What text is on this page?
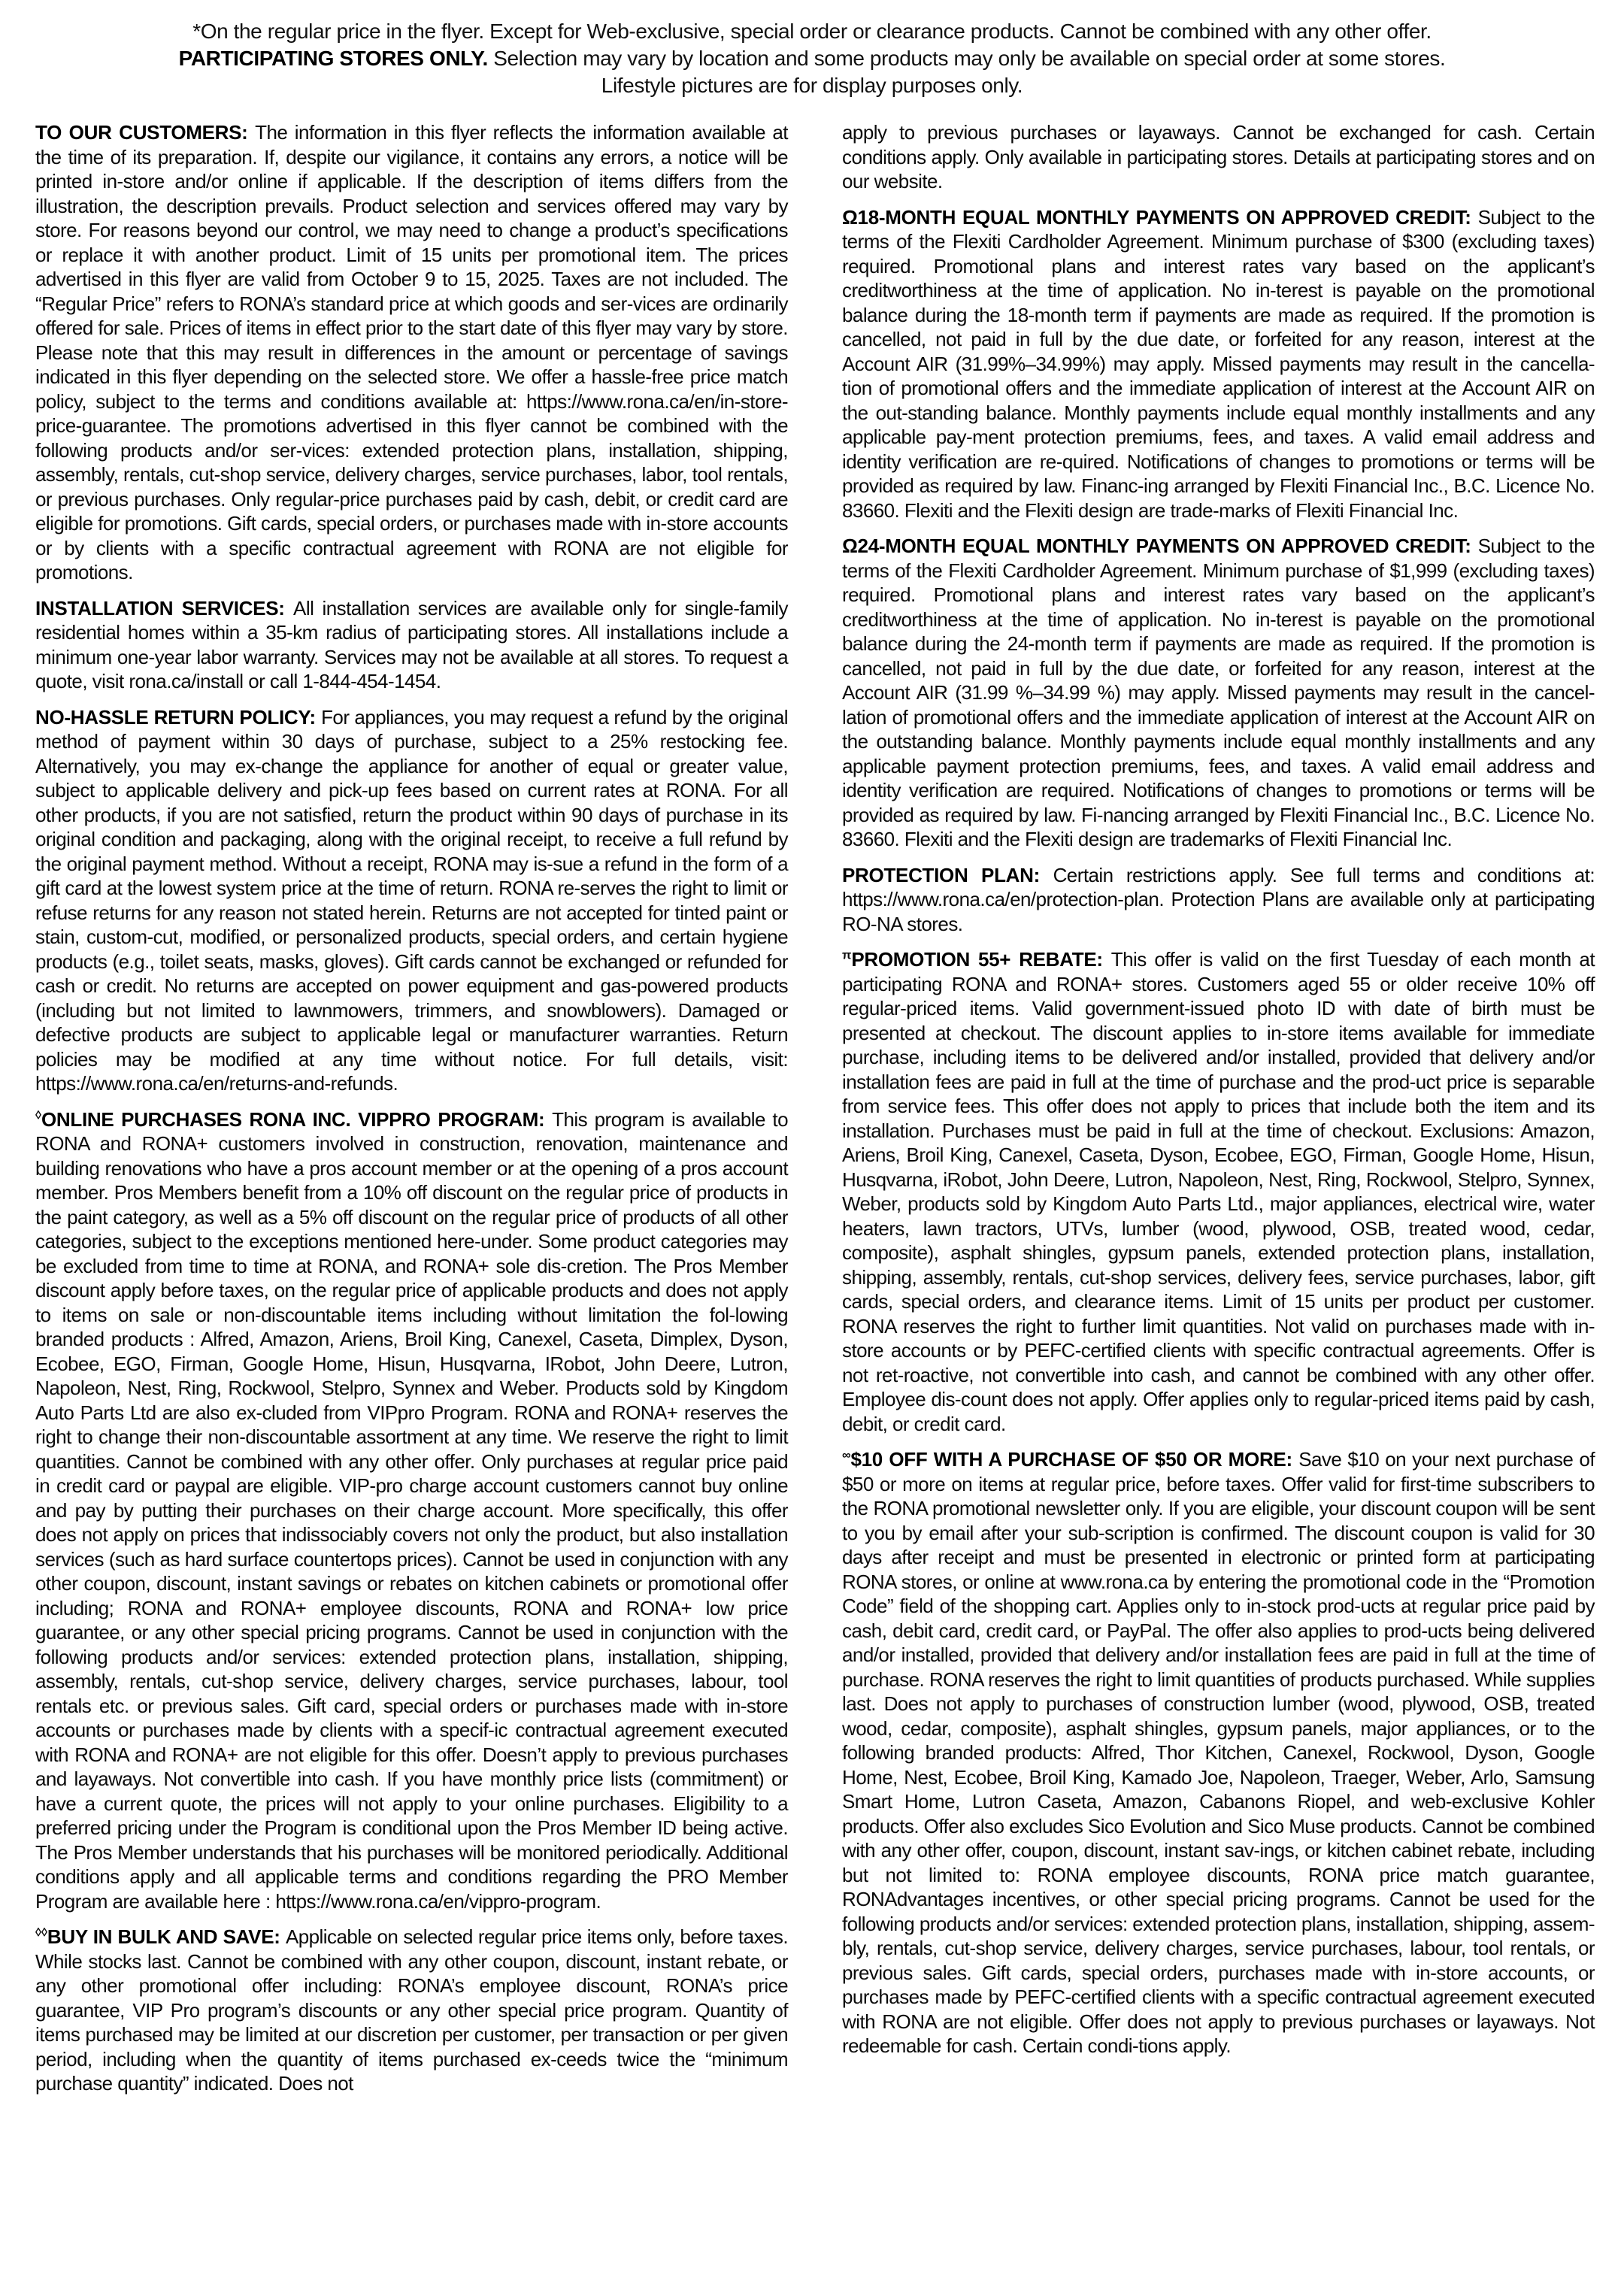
*On the regular price in the flyer. Except for Web-exclusive, special order or clearance products. Cannot be combined with any other offer.
PARTICIPATING STORES ONLY. Selection may vary by location and some products may only be available on special order at some stores.
Lifestyle pictures are for display purposes only.

TO OUR CUSTOMERS: The information in this flyer reflects the information available at the time of its preparation. If, despite our vigilance, it contains any errors, a notice will be printed in-store and/or online if applicable. If the description of items differs from the illustration, the description prevails. Product selection and services offered may vary by store. For reasons beyond our control, we may need to change a product’s specifications or replace it with another product. Limit of 15 units per promotional item. The prices advertised in this flyer are valid from October 9 to 15, 2025. Taxes are not included. The “Regular Price” refers to RONA’s standard price at which goods and ser-vices are ordinarily offered for sale. Prices of items in effect prior to the start date of this flyer may vary by store. Please note that this may result in differences in the amount or percentage of savings indicated in this flyer depending on the selected store. We offer a hassle-free price match policy, subject to the terms and conditions available at: https://www.rona.ca/en/in-store-price-guarantee. The promotions advertised in this flyer cannot be combined with the following products and/or ser-vices: extended protection plans, installation, shipping, assembly, rentals, cut-shop service, delivery charges, service purchases, labor, tool rentals, or previous purchases. Only regular-price purchases paid by cash, debit, or credit card are eligible for promotions. Gift cards, special orders, or purchases made with in-store accounts or by clients with a specific contractual agreement with RONA are not eligible for promotions.

INSTALLATION SERVICES: All installation services are available only for single-family residential homes within a 35-km radius of participating stores. All installations include a minimum one-year labor warranty. Services may not be available at all stores. To request a quote, visit rona.ca/install or call 1-844-454-1454.

NO-HASSLE RETURN POLICY: For appliances, you may request a refund by the original method of payment within 30 days of purchase, subject to a 25% restocking fee. Alternatively, you may ex-change the appliance for another of equal or greater value, subject to applicable delivery and pick-up fees based on current rates at RONA. For all other products, if you are not satisfied, return the product within 90 days of purchase in its original condition and packaging, along with the original receipt, to receive a full refund by the original payment method. Without a receipt, RONA may is-sue a refund in the form of a gift card at the lowest system price at the time of return. RONA re-serves the right to limit or refuse returns for any reason not stated herein. Returns are not accepted for tinted paint or stain, custom-cut, modified, or personalized products, special orders, and certain hygiene products (e.g., toilet seats, masks, gloves). Gift cards cannot be exchanged or refunded for cash or credit. No returns are accepted on power equipment and gas-powered products (including but not limited to lawnmowers, trimmers, and snowblowers). Damaged or defective products are subject to applicable legal or manufacturer warranties. Return policies may be modified at any time without notice. For full details, visit: https://www.rona.ca/en/returns-and-refunds.

◊ONLINE PURCHASES RONA INC. VIPPRO PROGRAM: This program is available to RONA and RONA+ customers involved in construction, renovation, maintenance and building renovations who have a pros account member or at the opening of a pros account member. Pros Members benefit from a 10% off discount on the regular price of products in the paint category, as well as a 5% off discount on the regular price of products of all other categories, subject to the exceptions mentioned here-under. Some product categories may be excluded from time to time at RONA, and RONA+ sole dis-cretion. The Pros Member discount apply before taxes, on the regular price of applicable products and does not apply to items on sale or non-discountable items including without limitation the fol-lowing branded products : Alfred, Amazon, Ariens, Broil King, Canexel, Caseta, Dimplex, Dyson, Ecobee, EGO, Firman, Google Home, Hisun, Husqvarna, IRobot, John Deere, Lutron, Napoleon, Nest, Ring, Rockwool, Stelpro, Synnex and Weber. Products sold by Kingdom Auto Parts Ltd are also ex-cluded from VIPpro Program. RONA and RONA+ reserves the right to change their non-discountable assortment at any time. We reserve the right to limit quantities. Cannot be combined with any other offer. Only purchases at regular price paid in credit card or paypal are eligible. VIP-pro charge account customers cannot buy online and pay by putting their purchases on their charge account. More specifically, this offer does not apply on prices that indissociably covers not only the product, but also installation services (such as hard surface countertops prices). Cannot be used in conjunction with any other coupon, discount, instant savings or rebates on kitchen cabinets or promotional offer including; RONA and RONA+ employee discounts, RONA and RONA+ low price guarantee, or any other special pricing programs. Cannot be used in conjunction with the following products and/or services: extended protection plans, installation, shipping, assembly, rentals, cut-shop service, delivery charges, service purchases, labour, tool rentals etc. or previous sales. Gift card, special orders or purchases made with in-store accounts or purchases made by clients with a specif-ic contractual agreement executed with RONA and RONA+ are not eligible for this offer. Doesn’t apply to previous purchases and layaways. Not convertible into cash. If you have monthly price lists (commitment) or have a current quote, the prices will not apply to your online purchases. Eligibility to a preferred pricing under the Program is conditional upon the Pros Member ID being active. The Pros Member understands that his purchases will be monitored periodically. Additional conditions apply and all applicable terms and conditions regarding the PRO Member Program are available here : https://www.rona.ca/en/vippro-program.

◊◊BUY IN BULK AND SAVE: Applicable on selected regular price items only, before taxes. While stocks last. Cannot be combined with any other coupon, discount, instant rebate, or any other promotional offer including: RONA’s employee discount, RONA’s price guarantee, VIP Pro program’s discounts or any other special price program. Quantity of items purchased may be limited at our discretion per customer, per transaction or per given period, including when the quantity of items purchased ex-ceeds twice the “minimum purchase quantity” indicated. Does not

apply to previous purchases or layaways. Cannot be exchanged for cash. Certain conditions apply. Only available in participating stores. Details at participating stores and on our website.

Ω18-MONTH EQUAL MONTHLY PAYMENTS ON APPROVED CREDIT: Subject to the terms of the Flexiti Cardholder Agreement. Minimum purchase of $300 (excluding taxes) required. Promotional plans and interest rates vary based on the applicant’s creditworthiness at the time of application. No in-terest is payable on the promotional balance during the 18-month term if payments are made as required. If the promotion is cancelled, not paid in full by the due date, or forfeited for any reason, interest at the Account AIR (31.99%–34.99%) may apply. Missed payments may result in the cancella-tion of promotional offers and the immediate application of interest at the Account AIR on the out-standing balance. Monthly payments include equal monthly installments and any applicable pay-ment protection premiums, fees, and taxes. A valid email address and identity verification are re-quired. Notifications of changes to promotions or terms will be provided as required by law. Financ-ing arranged by Flexiti Financial Inc., B.C. Licence No. 83660. Flexiti and the Flexiti design are trade-marks of Flexiti Financial Inc.

Ω24-MONTH EQUAL MONTHLY PAYMENTS ON APPROVED CREDIT: Subject to the terms of the Flexiti Cardholder Agreement. Minimum purchase of $1,999 (excluding taxes) required. Promotional plans and interest rates vary based on the applicant’s creditworthiness at the time of application. No in-terest is payable on the promotional balance during the 24-month term if payments are made as required. If the promotion is cancelled, not paid in full by the due date, or forfeited for any reason, interest at the Account AIR (31.99 %–34.99 %) may apply. Missed payments may result in the cancel-lation of promotional offers and the immediate application of interest at the Account AIR on the outstanding balance. Monthly payments include equal monthly installments and any applicable payment protection premiums, fees, and taxes. A valid email address and identity verification are required. Notifications of changes to promotions or terms will be provided as required by law. Fi-nancing arranged by Flexiti Financial Inc., B.C. Licence No. 83660. Flexiti and the Flexiti design are trademarks of Flexiti Financial Inc.

PROTECTION PLAN: Certain restrictions apply. See full terms and conditions at: https://www.rona.ca/en/protection-plan. Protection Plans are available only at participating RO-NA stores.

$^\pi$PROMOTION 55+ REBATE: This offer is valid on the first Tuesday of each month at participating RONA and RONA+ stores. Customers aged 55 or older receive 10% off regular-priced items. Valid government-issued photo ID with date of birth must be presented at checkout. The discount applies to in-store items available for immediate purchase, including items to be delivered and/or installed, provided that delivery and/or installation fees are paid in full at the time of purchase and the prod-uct price is separable from service fees. This offer does not apply to prices that include both the item and its installation. Purchases must be paid in full at the time of checkout. Exclusions: Amazon, Ariens, Broil King, Canexel, Caseta, Dyson, Ecobee, EGO, Firman, Google Home, Hisun, Husqvarna, iRobot, John Deere, Lutron, Napoleon, Nest, Ring, Rockwool, Stelpro, Synnex, Weber, products sold by Kingdom Auto Parts Ltd., major appliances, electrical wire, water heaters, lawn tractors, UTVs, lumber (wood, plywood, OSB, treated wood, cedar, composite), asphalt shingles, gypsum panels, extended protection plans, installation, shipping, assembly, rentals, cut-shop services, delivery fees, service purchases, labor, gift cards, special orders, and clearance items. Limit of 15 units per product per customer. RONA reserves the right to further limit quantities. Not valid on purchases made with in-store accounts or by PEFC-certified clients with specific contractual agreements. Offer is not ret-roactive, not convertible into cash, and cannot be combined with any other offer. Employee dis-count does not apply. Offer applies only to regular-priced items paid by cash, debit, or credit card.

∞$10 OFF WITH A PURCHASE OF $50 OR MORE: Save $10 on your next purchase of $50 or more on items at regular price, before taxes. Offer valid for first-time subscribers to the RONA promotional newsletter only. If you are eligible, your discount coupon will be sent to you by email after your sub-scription is confirmed. The discount coupon is valid for 30 days after receipt and must be presented in electronic or printed form at participating RONA stores, or online at www.rona.ca by entering the promotional code in the “Promotion Code” field of the shopping cart. Applies only to in-stock prod-ucts at regular price paid by cash, debit card, credit card, or PayPal. The offer also applies to prod-ucts being delivered and/or installed, provided that delivery and/or installation fees are paid in full at the time of purchase. RONA reserves the right to limit quantities of products purchased. While supplies last. Does not apply to purchases of construction lumber (wood, plywood, OSB, treated wood, cedar, composite), asphalt shingles, gypsum panels, major appliances, or to the following branded products: Alfred, Thor Kitchen, Canexel, Rockwool, Dyson, Google Home, Nest, Ecobee, Broil King, Kamado Joe, Napoleon, Traeger, Weber, Arlo, Samsung Smart Home, Lutron Caseta, Amazon, Cabanons Riopel, and web-exclusive Kohler products. Offer also excludes Sico Evolution and Sico Muse products. Cannot be combined with any other offer, coupon, discount, instant sav-ings, or kitchen cabinet rebate, including but not limited to: RONA employee discounts, RONA price match guarantee, RONAdvantages incentives, or other special pricing programs. Cannot be used for the following products and/or services: extended protection plans, installation, shipping, assem-bly, rentals, cut-shop service, delivery charges, service purchases, labour, tool rentals, or previous sales. Gift cards, special orders, purchases made with in-store accounts, or purchases made by PEFC-certified clients with a specific contractual agreement executed with RONA are not eligible. Offer does not apply to previous purchases or layaways. Not redeemable for cash. Certain condi-tions apply.
